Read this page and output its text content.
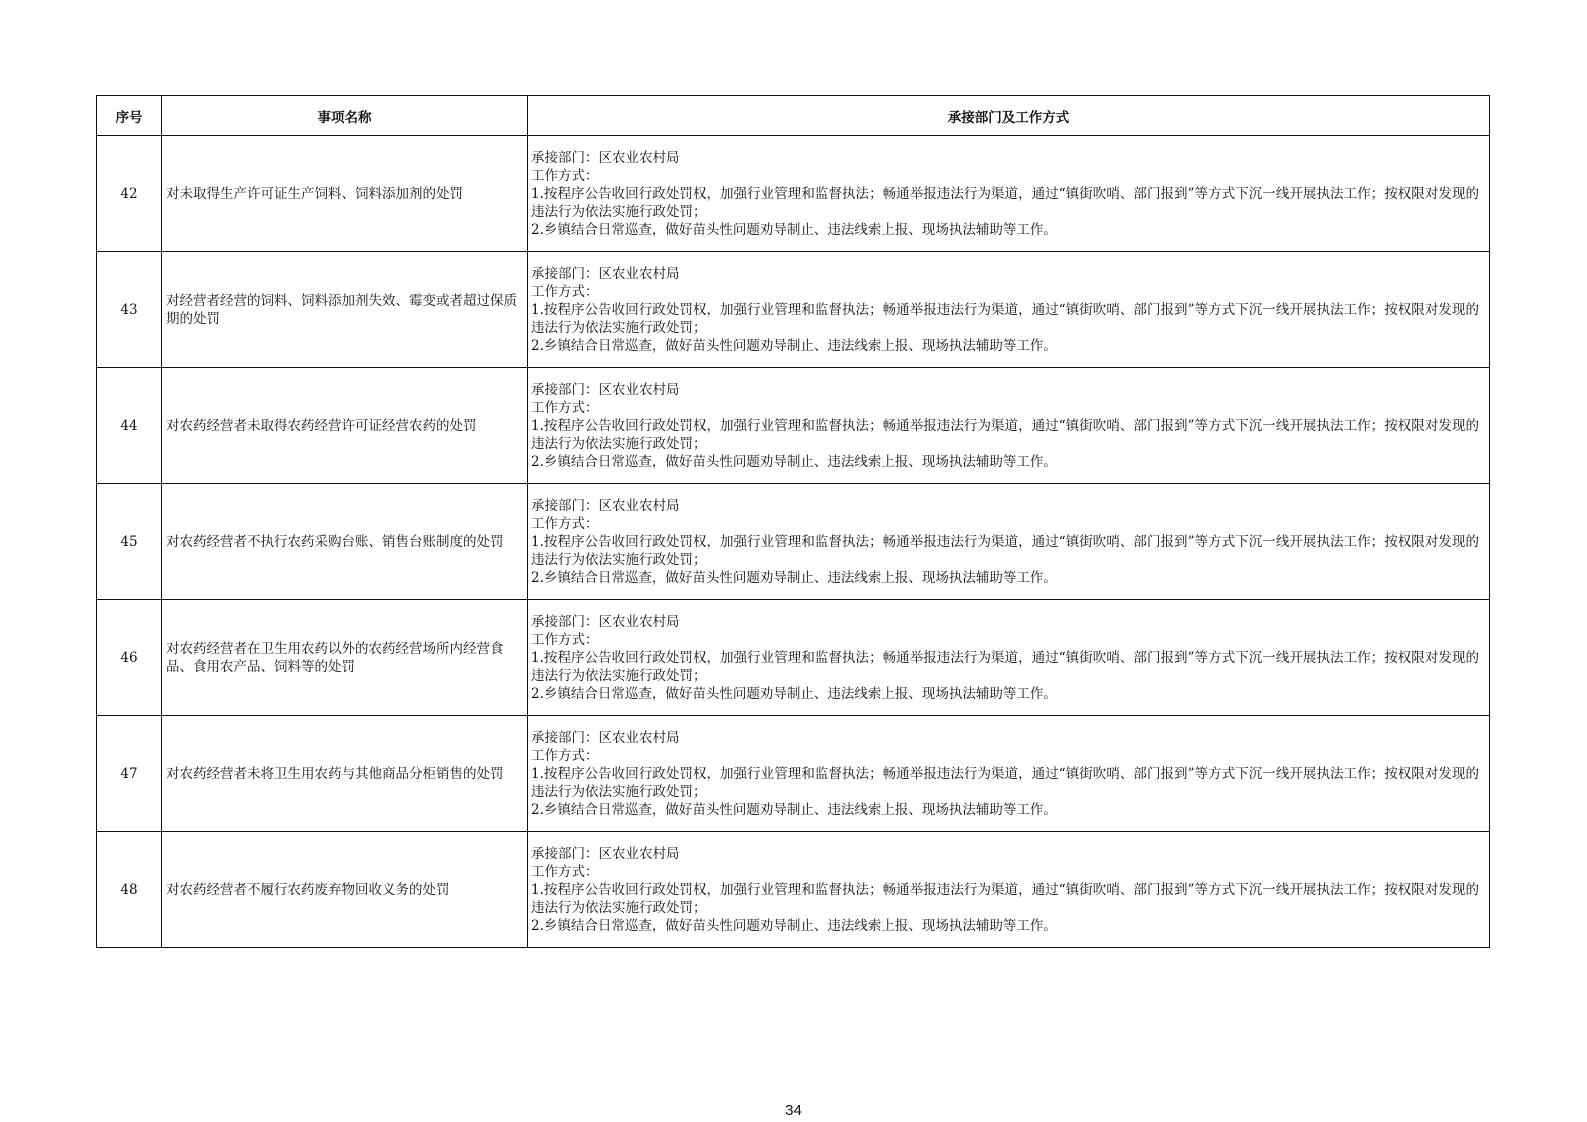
序号	事项名称	承接部门及工作方式
42	对未取得生产许可证生产饲料、饲料添加剂的处罚	承接部门：区农业农村局

工作方式：

1.按程序公告收回行政处罚权，加强行业管理和监督执法；畅通举报违法行为渠道，通过“镇街吹哨、部门报到”等方式下沉一线开展执法工作；按权限对发现的违法行为依法实施行政处罚；

2.乡镇结合日常巡查，做好苗头性问题劝导制止、违法线索上报、现场执法辅助等工作。

43	对经营者经营的饲料、饲料添加剂失效、霉变或者超过保质期的处罚	承接部门：区农业农村局

工作方式：

1.按程序公告收回行政处罚权，加强行业管理和监督执法；畅通举报违法行为渠道，通过“镇街吹哨、部门报到”等方式下沉一线开展执法工作；按权限对发现的违法行为依法实施行政处罚；

2.乡镇结合日常巡查，做好苗头性问题劝导制止、违法线索上报、现场执法辅助等工作。

44	对农药经营者未取得农药经营许可证经营农药的处罚	承接部门：区农业农村局

工作方式：

1.按程序公告收回行政处罚权，加强行业管理和监督执法；畅通举报违法行为渠道，通过“镇街吹哨、部门报到”等方式下沉一线开展执法工作；按权限对发现的违法行为依法实施行政处罚；

2.乡镇结合日常巡查，做好苗头性问题劝导制止、违法线索上报、现场执法辅助等工作。

45	对农药经营者不执行农药采购台账、销售台账制度的处罚	承接部门：区农业农村局

工作方式：

1.按程序公告收回行政处罚权，加强行业管理和监督执法；畅通举报违法行为渠道，通过“镇街吹哨、部门报到”等方式下沉一线开展执法工作；按权限对发现的违法行为依法实施行政处罚；

2.乡镇结合日常巡查，做好苗头性问题劝导制止、违法线索上报、现场执法辅助等工作。

46	对农药经营者在卫生用农药以外的农药经营场所内经营食品、食用农产品、饲料等的处罚	承接部门：区农业农村局

工作方式：

1.按程序公告收回行政处罚权，加强行业管理和监督执法；畅通举报违法行为渠道，通过“镇街吹哨、部门报到”等方式下沉一线开展执法工作；按权限对发现的违法行为依法实施行政处罚；

2.乡镇结合日常巡查，做好苗头性问题劝导制止、违法线索上报、现场执法辅助等工作。

47	对农药经营者未将卫生用农药与其他商品分柜销售的处罚	承接部门：区农业农村局

工作方式：

1.按程序公告收回行政处罚权，加强行业管理和监督执法；畅通举报违法行为渠道，通过“镇街吹哨、部门报到”等方式下沉一线开展执法工作；按权限对发现的违法行为依法实施行政处罚；

2.乡镇结合日常巡查，做好苗头性问题劝导制止、违法线索上报、现场执法辅助等工作。

48	对农药经营者不履行农药废弃物回收义务的处罚	承接部门：区农业农村局

工作方式：

1.按程序公告收回行政处罚权，加强行业管理和监督执法；畅通举报违法行为渠道，通过“镇街吹哨、部门报到”等方式下沉一线开展执法工作；按权限对发现的违法行为依法实施行政处罚；

2.乡镇结合日常巡查，做好苗头性问题劝导制止、违法线索上报、现场执法辅助等工作。

34
